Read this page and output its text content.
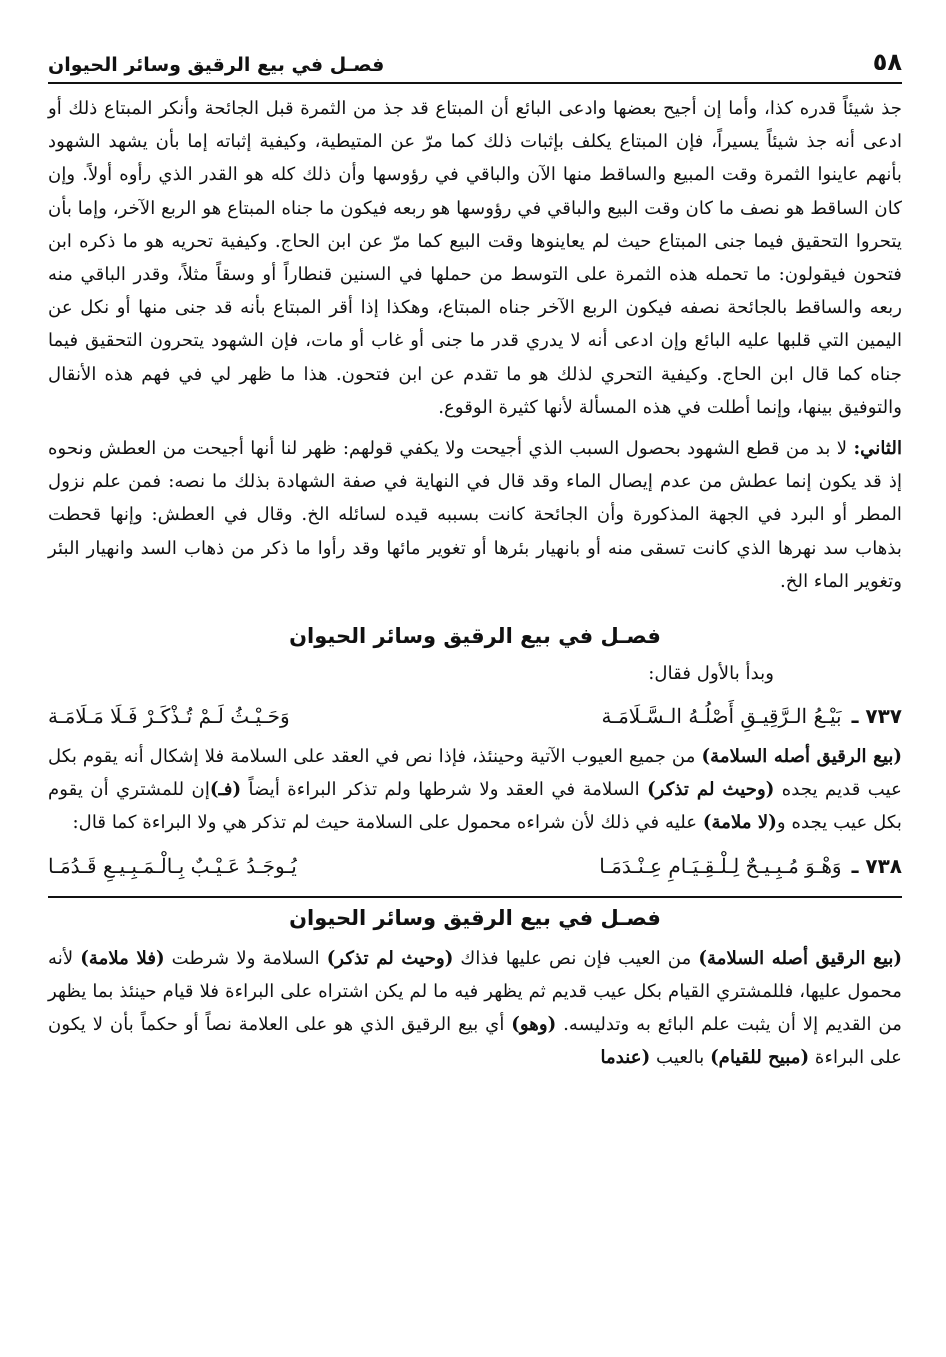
٥٨
فصـل في بيع الرقيق وسائر الحيوان

جذ شيئاً قدره كذا، وأما إن أجيح بعضها وادعى البائع أن المبتاع قد جذ من الثمرة قبل الجائحة وأنكر المبتاع ذلك أو ادعى أنه جذ شيئاً يسيراً، فإن المبتاع يكلف بإثبات ذلك كما مرّ عن المتيطية، وكيفية إثباته إما بأن يشهد الشهود بأنهم عاينوا الثمرة وقت المبيع والساقط منها الآن والباقي في رؤوسها وأن ذلك كله هو القدر الذي رأوه أولاً. وإن كان الساقط هو نصف ما كان وقت البيع والباقي في رؤوسها هو ربعه فيكون ما جناه المبتاع هو الربع الآخر، وإما بأن يتحروا التحقيق فيما جنى المبتاع حيث لم يعاينوها وقت البيع كما مرّ عن ابن الحاج. وكيفية تحريه هو ما ذكره ابن فتحون فيقولون: ما تحمله هذه الثمرة على التوسط من حملها في السنين قنطاراً أو وسقاً مثلاً، وقدر الباقي منه ربعه والساقط بالجائحة نصفه فيكون الربع الآخر جناه المبتاع، وهكذا إذا أقر المبتاع بأنه قد جنى منها أو نكل عن اليمين التي قلبها عليه البائع وإن ادعى أنه لا يدري قدر ما جنى أو غاب أو مات، فإن الشهود يتحرون التحقيق فيما جناه كما قال ابن الحاج. وكيفية التحري لذلك هو ما تقدم عن ابن فتحون. هذا ما ظهر لي في فهم هذه الأنقال والتوفيق بينها، وإنما أطلت في هذه المسألة لأنها كثيرة الوقوع.

الثاني: لا بد من قطع الشهود بحصول السبب الذي أجيحت ولا يكفي قولهم: ظهر لنا أنها أجيحت من العطش ونحوه إذ قد يكون إنما عطش من عدم إيصال الماء وقد قال في النهاية في صفة الشهادة بذلك ما نصه: فمن علم نزول المطر أو البرد في الجهة المذكورة وأن الجائحة كانت بسببه قيده لسائله الخ. وقال في العطش: وإنها قحطت بذهاب سد نهرها الذي كانت تسقى منه أو بانهيار بئرها أو تغوير مائها وقد رأوا ما ذكر من ذهاب السد وانهيار البئر وتغوير الماء الخ.

فصـل في بيع الرقيق وسائر الحيوان

وبدأ بالأول فقال:

٧٣٧ ـ
بَيْـعُ الـرَّقِيـقِ أَصْلُـهُ الـسَّـلَامَـة
وَحَـيْـثُ لَـمْ تُـذْكَـرْ فَـلَا مَـلَامَـة

(بيع الرقيق أصله السلامة) من جميع العيوب الآتية وحينئذ، فإذا نص في العقد على السلامة فلا إشكال أنه يقوم بكل عيب قديم يجده (وحيث لم تذكر) السلامة في العقد ولا شرطها ولم تذكر البراءة أيضاً (فـ)إن للمشتري أن يقوم بكل عيب يجده و(لا ملامة) عليه في ذلك لأن شراءه محمول على السلامة حيث لم تذكر هي ولا البراءة كما قال:

٧٣٨ ـ
وَهْـوَ مُـبِـيـحٌ لِـلْـقِـيَـامِ عِـنْـدَمَـا
يُـوجَـدُ عَـيْـبٌ بِـالْـمَـبِـيـعِ قَـدُمَـا
فصـل في بيع الرقيق وسائر الحيوان

(بيع الرقيق أصله السلامة) من العيب فإن نص عليها فذاك (وحيث لم تذكر) السلامة ولا شرطت (فلا ملامة) لأنه محمول عليها، فللمشتري القيام بكل عيب قديم ثم يظهر فيه ما لم يكن اشتراه على البراءة فلا قيام حينئذ بما يظهر من القديم إلا أن يثبت علم البائع به وتدليسه. (وهو) أي بيع الرقيق الذي هو على العلامة نصاً أو حكماً بأن لا يكون على البراءة (مبيح للقيام) بالعيب (عندما
